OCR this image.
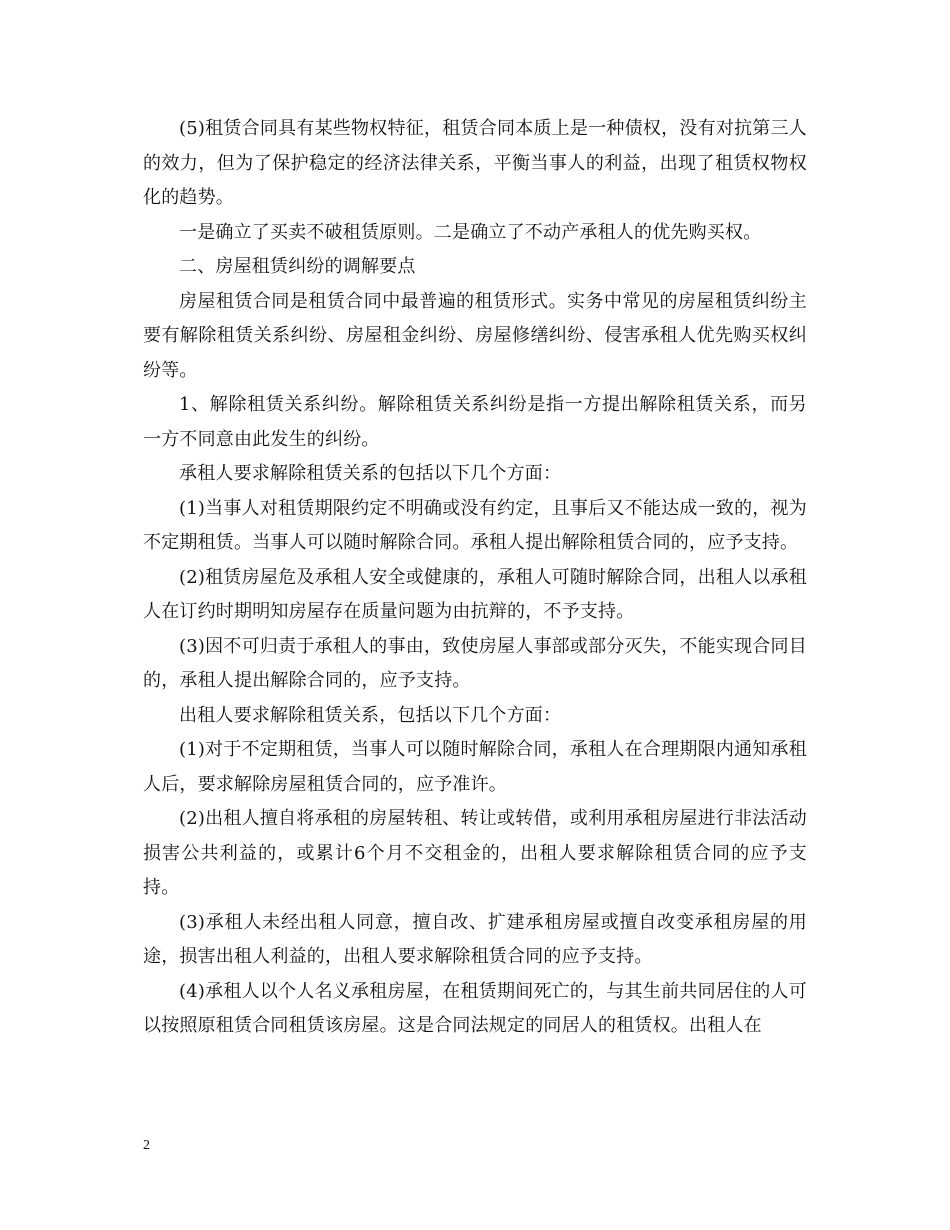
(5)租赁合同具有某些物权特征，租赁合同本质上是一种债权，没有对抗第三人的效力，但为了保护稳定的经济法律关系，平衡当事人的利益，出现了租赁权物权化的趋势。

一是确立了买卖不破租赁原则。二是确立了不动产承租人的优先购买权。

二、房屋租赁纠纷的调解要点

房屋租赁合同是租赁合同中最普遍的租赁形式。实务中常见的房屋租赁纠纷主要有解除租赁关系纠纷、房屋租金纠纷、房屋修缮纠纷、侵害承租人优先购买权纠纷等。

1、解除租赁关系纠纷。解除租赁关系纠纷是指一方提出解除租赁关系，而另一方不同意由此发生的纠纷。

承租人要求解除租赁关系的包括以下几个方面：

(1)当事人对租赁期限约定不明确或没有约定，且事后又不能达成一致的，视为不定期租赁。当事人可以随时解除合同。承租人提出解除租赁合同的，应予支持。

(2)租赁房屋危及承租人安全或健康的，承租人可随时解除合同，出租人以承租人在订约时期明知房屋存在质量问题为由抗辩的，不予支持。

(3)因不可归责于承租人的事由，致使房屋人事部或部分灭失，不能实现合同目的，承租人提出解除合同的，应予支持。

出租人要求解除租赁关系，包括以下几个方面：

(1)对于不定期租赁，当事人可以随时解除合同，承租人在合理期限内通知承租人后，要求解除房屋租赁合同的，应予准许。

(2)出租人擅自将承租的房屋转租、转让或转借，或利用承租房屋进行非法活动损害公共利益的，或累计6个月不交租金的，出租人要求解除租赁合同的应予支持。

(3)承租人未经出租人同意，擅自改、扩建承租房屋或擅自改变承租房屋的用途，损害出租人利益的，出租人要求解除租赁合同的应予支持。

(4)承租人以个人名义承租房屋，在租赁期间死亡的，与其生前共同居住的人可以按照原租赁合同租赁该房屋。这是合同法规定的同居人的租赁权。出租人在

2
